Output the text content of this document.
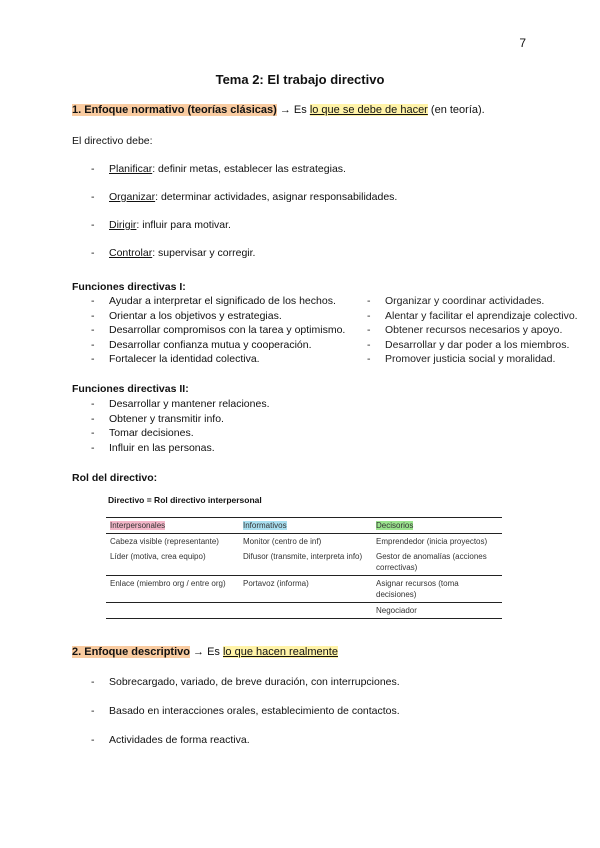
7
Tema 2: El trabajo directivo
1. Enfoque normativo (teorías clásicas) → Es lo que se debe de hacer (en teoría).
El directivo debe:
- Planificar: definir metas, establecer las estrategias.
- Organizar: determinar actividades, asignar responsabilidades.
- Dirigir: influir para motivar.
- Controlar: supervisar y corregir.
Funciones directivas I:
- Ayudar a interpretar el significado de los hechos.
- Orientar a los objetivos y estrategias.
- Desarrollar compromisos con la tarea y optimismo.
- Desarrollar confianza mutua y cooperación.
- Fortalecer la identidad colectiva.
- Organizar y coordinar actividades.
- Alentar y facilitar el aprendizaje colectivo.
- Obtener recursos necesarios y apoyo.
- Desarrollar y dar poder a los miembros.
- Promover justicia social y moralidad.
Funciones directivas II:
- Desarrollar y mantener relaciones.
- Obtener y transmitir info.
- Tomar decisiones.
- Influir en las personas.
Rol del directivo:
Directivo = Rol directivo interpersonal
Interpersonales	Informativos	Decisorios
Cabeza visible (representante)	Monitor (centro de inf)	Emprendedor (inicia proyectos)
Líder (motiva, crea equipo)	Difusor (transmite, interpreta info)	Gestor de anomalías (acciones correctivas)
Enlace (miembro org / entre org)	Portavoz (informa)	Asignar recursos (toma decisiones)
		Negociador
2. Enfoque descriptivo → Es lo que hacen realmente
- Sobrecargado, variado, de breve duración, con interrupciones.
- Basado en interacciones orales, establecimiento de contactos.
- Actividades de forma reactiva.
